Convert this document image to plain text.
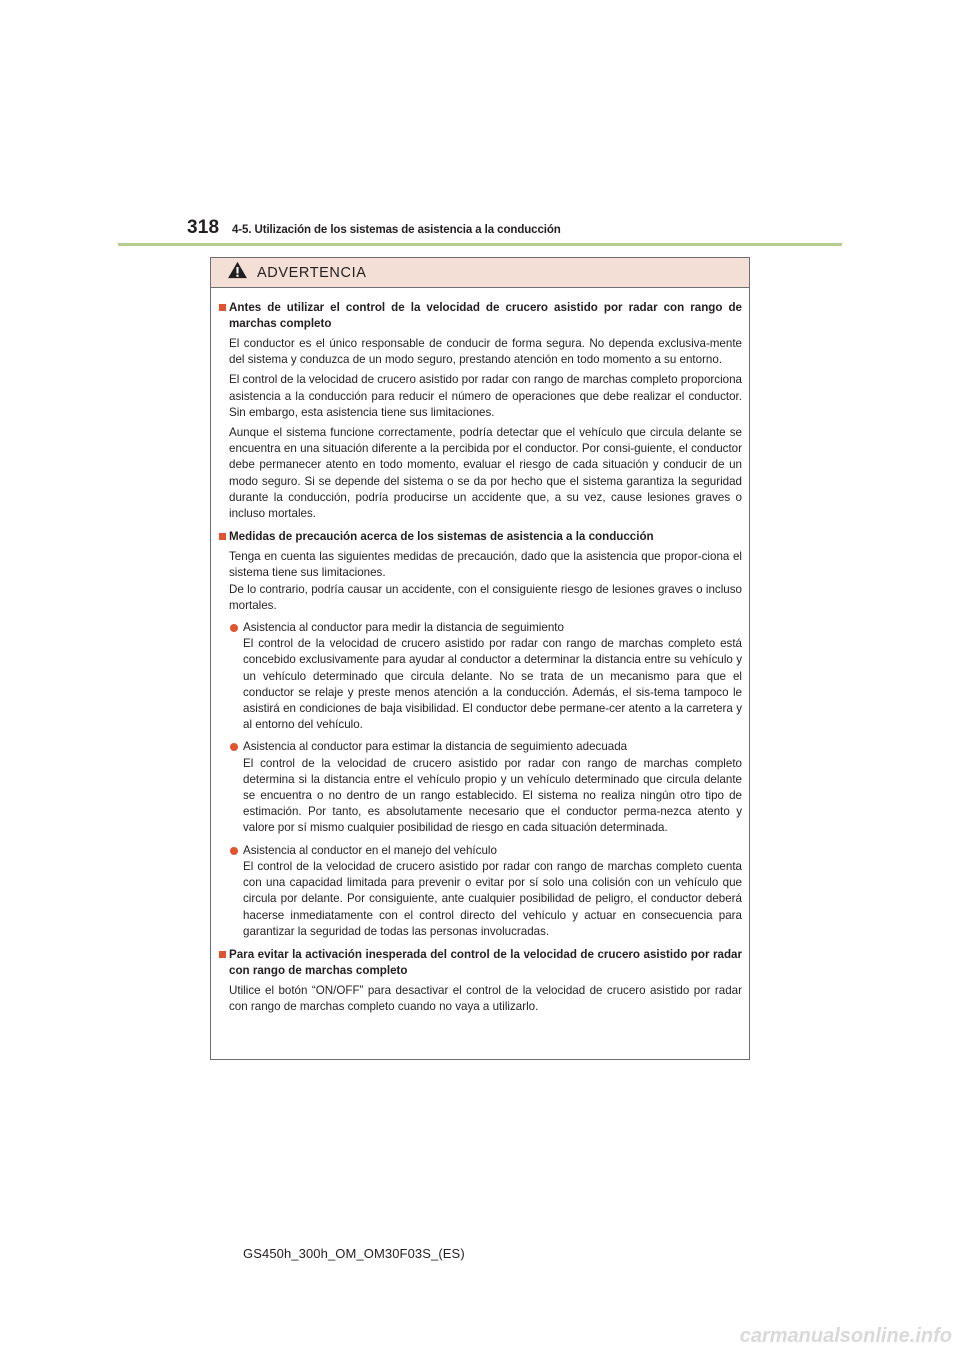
318 4-5. Utilización de los sistemas de asistencia a la conducción
ADVERTENCIA
Antes de utilizar el control de la velocidad de crucero asistido por radar con rango de marchas completo
El conductor es el único responsable de conducir de forma segura. No dependa exclusiva-mente del sistema y conduzca de un modo seguro, prestando atención en todo momento a su entorno.
El control de la velocidad de crucero asistido por radar con rango de marchas completo proporciona asistencia a la conducción para reducir el número de operaciones que debe realizar el conductor. Sin embargo, esta asistencia tiene sus limitaciones.
Aunque el sistema funcione correctamente, podría detectar que el vehículo que circula delante se encuentra en una situación diferente a la percibida por el conductor. Por consi-guiente, el conductor debe permanecer atento en todo momento, evaluar el riesgo de cada situación y conducir de un modo seguro. Si se depende del sistema o se da por hecho que el sistema garantiza la seguridad durante la conducción, podría producirse un accidente que, a su vez, cause lesiones graves o incluso mortales.
Medidas de precaución acerca de los sistemas de asistencia a la conducción
Tenga en cuenta las siguientes medidas de precaución, dado que la asistencia que propor-ciona el sistema tiene sus limitaciones.
De lo contrario, podría causar un accidente, con el consiguiente riesgo de lesiones graves o incluso mortales.
Asistencia al conductor para medir la distancia de seguimiento
El control de la velocidad de crucero asistido por radar con rango de marchas completo está concebido exclusivamente para ayudar al conductor a determinar la distancia entre su vehículo y un vehículo determinado que circula delante. No se trata de un mecanismo para que el conductor se relaje y preste menos atención a la conducción. Además, el sis-tema tampoco le asistirá en condiciones de baja visibilidad. El conductor debe permane-cer atento a la carretera y al entorno del vehículo.
Asistencia al conductor para estimar la distancia de seguimiento adecuada
El control de la velocidad de crucero asistido por radar con rango de marchas completo determina si la distancia entre el vehículo propio y un vehículo determinado que circula delante se encuentra o no dentro de un rango establecido. El sistema no realiza ningún otro tipo de estimación. Por tanto, es absolutamente necesario que el conductor perma-nezca atento y valore por sí mismo cualquier posibilidad de riesgo en cada situación determinada.
Asistencia al conductor en el manejo del vehículo
El control de la velocidad de crucero asistido por radar con rango de marchas completo cuenta con una capacidad limitada para prevenir o evitar por sí solo una colisión con un vehículo que circula por delante. Por consiguiente, ante cualquier posibilidad de peligro, el conductor deberá hacerse inmediatamente con el control directo del vehículo y actuar en consecuencia para garantizar la seguridad de todas las personas involucradas.
Para evitar la activación inesperada del control de la velocidad de crucero asistido por radar con rango de marchas completo
Utilice el botón “ON/OFF” para desactivar el control de la velocidad de crucero asistido por radar con rango de marchas completo cuando no vaya a utilizarlo.
GS450h_300h_OM_OM30F03S_(ES)
carmanualsonline.info
